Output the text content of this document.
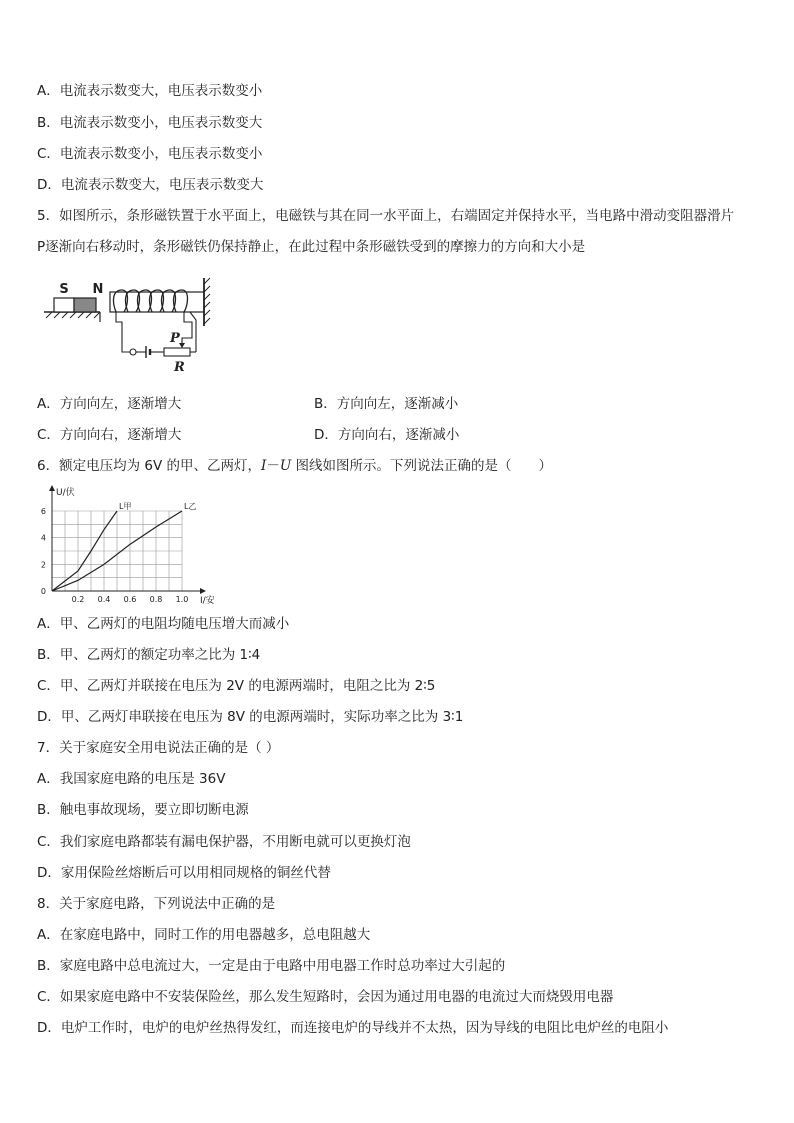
A．电流表示数变大，电压表示数变小
B．电流表示数变小，电压表示数变大
C．电流表示数变小，电压表示数变小
D．电流表示数变大，电压表示数变大
5．如图所示，条形磁铁置于水平面上，电磁铁与其在同一水平面上，右端固定并保持水平，当电路中滑动变阻器滑片
P逐渐向右移动时，条形磁铁仍保持静止，在此过程中条形磁铁受到的摩擦力的方向和大小是
S N
P
R
A．方向向左，逐渐增大	B．方向向左，逐渐减小
C．方向向右，逐渐增大	D．方向向右，逐渐减小
6．额定电压均为 6V 的甲、乙两灯，I－U 图线如图所示。下列说法正确的是（　　）
U/伏
I/安
0.2 0.4 0.6 0.8 1.0
0
2
4
6
L甲	L乙
A．甲、乙两灯的电阻均随电压增大而减小
B．甲、乙两灯的额定功率之比为 1∶4
C．甲、乙两灯并联接在电压为 2V 的电源两端时，电阻之比为 2∶5
D．甲、乙两灯串联接在电压为 8V 的电源两端时，实际功率之比为 3∶1
7．关于家庭安全用电说法正确的是（ ）
A．我国家庭电路的电压是 36V
B．触电事故现场，要立即切断电源
C．我们家庭电路都装有漏电保护器，不用断电就可以更换灯泡
D．家用保险丝熔断后可以用相同规格的铜丝代替
8．关于家庭电路，下列说法中正确的是
A．在家庭电路中，同时工作的用电器越多，总电阻越大
B．家庭电路中总电流过大，一定是由于电路中用电器工作时总功率过大引起的
C．如果家庭电路中不安装保险丝，那么发生短路时，会因为通过用电器的电流过大而烧毁用电器
D．电炉工作时，电炉的电炉丝热得发红，而连接电炉的导线并不太热，因为导线的电阻比电炉丝的电阻小
